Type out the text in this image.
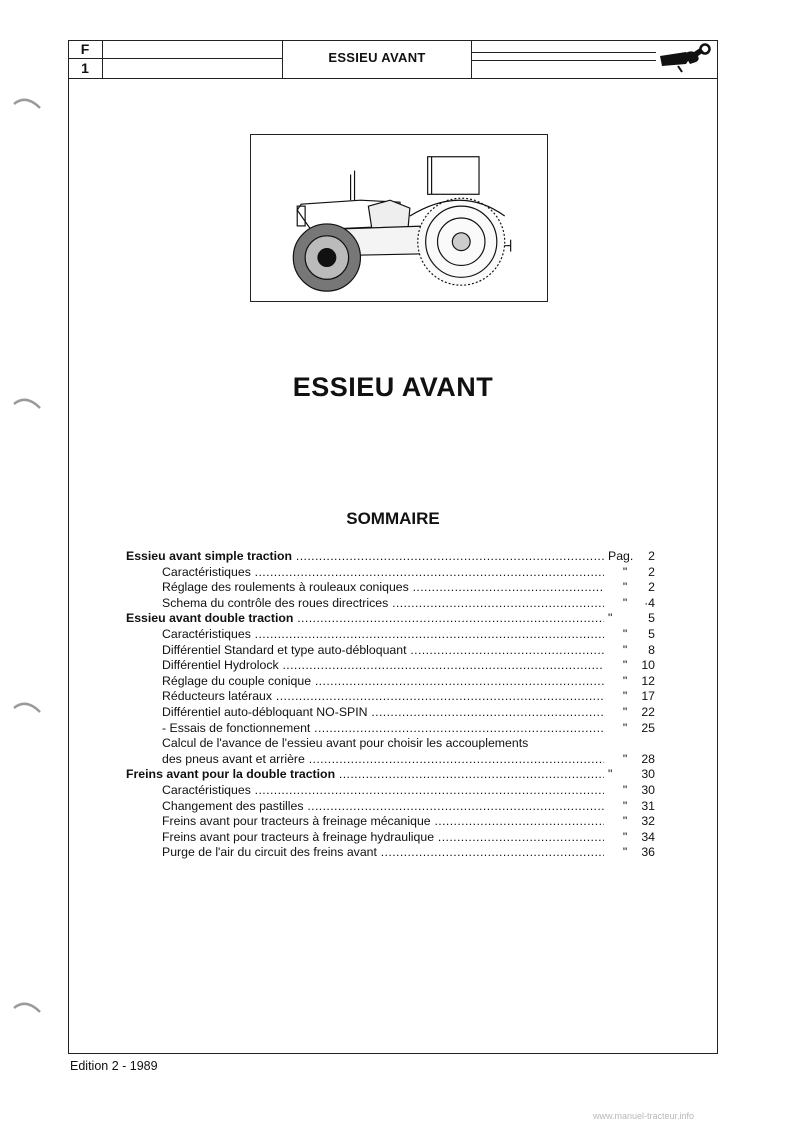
F
1
ESSIEU AVANT
ESSIEU AVANT
SOMMAIRE
Essieu avant simple traction .....	Pag.	2
Caractéristiques .....	"	2
Réglage des roulements à rouleaux coniques .....	"	2
Schema du contrôle des roues directrices .....	"	·4
Essieu avant double traction .....	"	5
Caractéristiques .....	"	5
Différentiel Standard et type auto-débloquant .....	"	8
Différentiel Hydrolock .....	"	10
Réglage du couple conique .....	"	12
Réducteurs latéraux .....	"	17
Différentiel auto-débloquant NO-SPIN .....	"	22
- Essais de fonctionnement .....	"	25
Calcul de l'avance de l'essieu avant pour choisir les accouplements
des pneus avant et arrière .....	"	28
Freins avant pour la double traction .....	"	30
Caractéristiques .....	"	30
Changement des pastilles .....	"	31
Freins avant pour tracteurs à freinage mécanique .....	"	32
Freins avant pour tracteurs à freinage hydraulique .....	"	34
Purge de l'air du circuit des freins avant .....	"	36
Edition 2 - 1989
www.manuel-tracteur.info
